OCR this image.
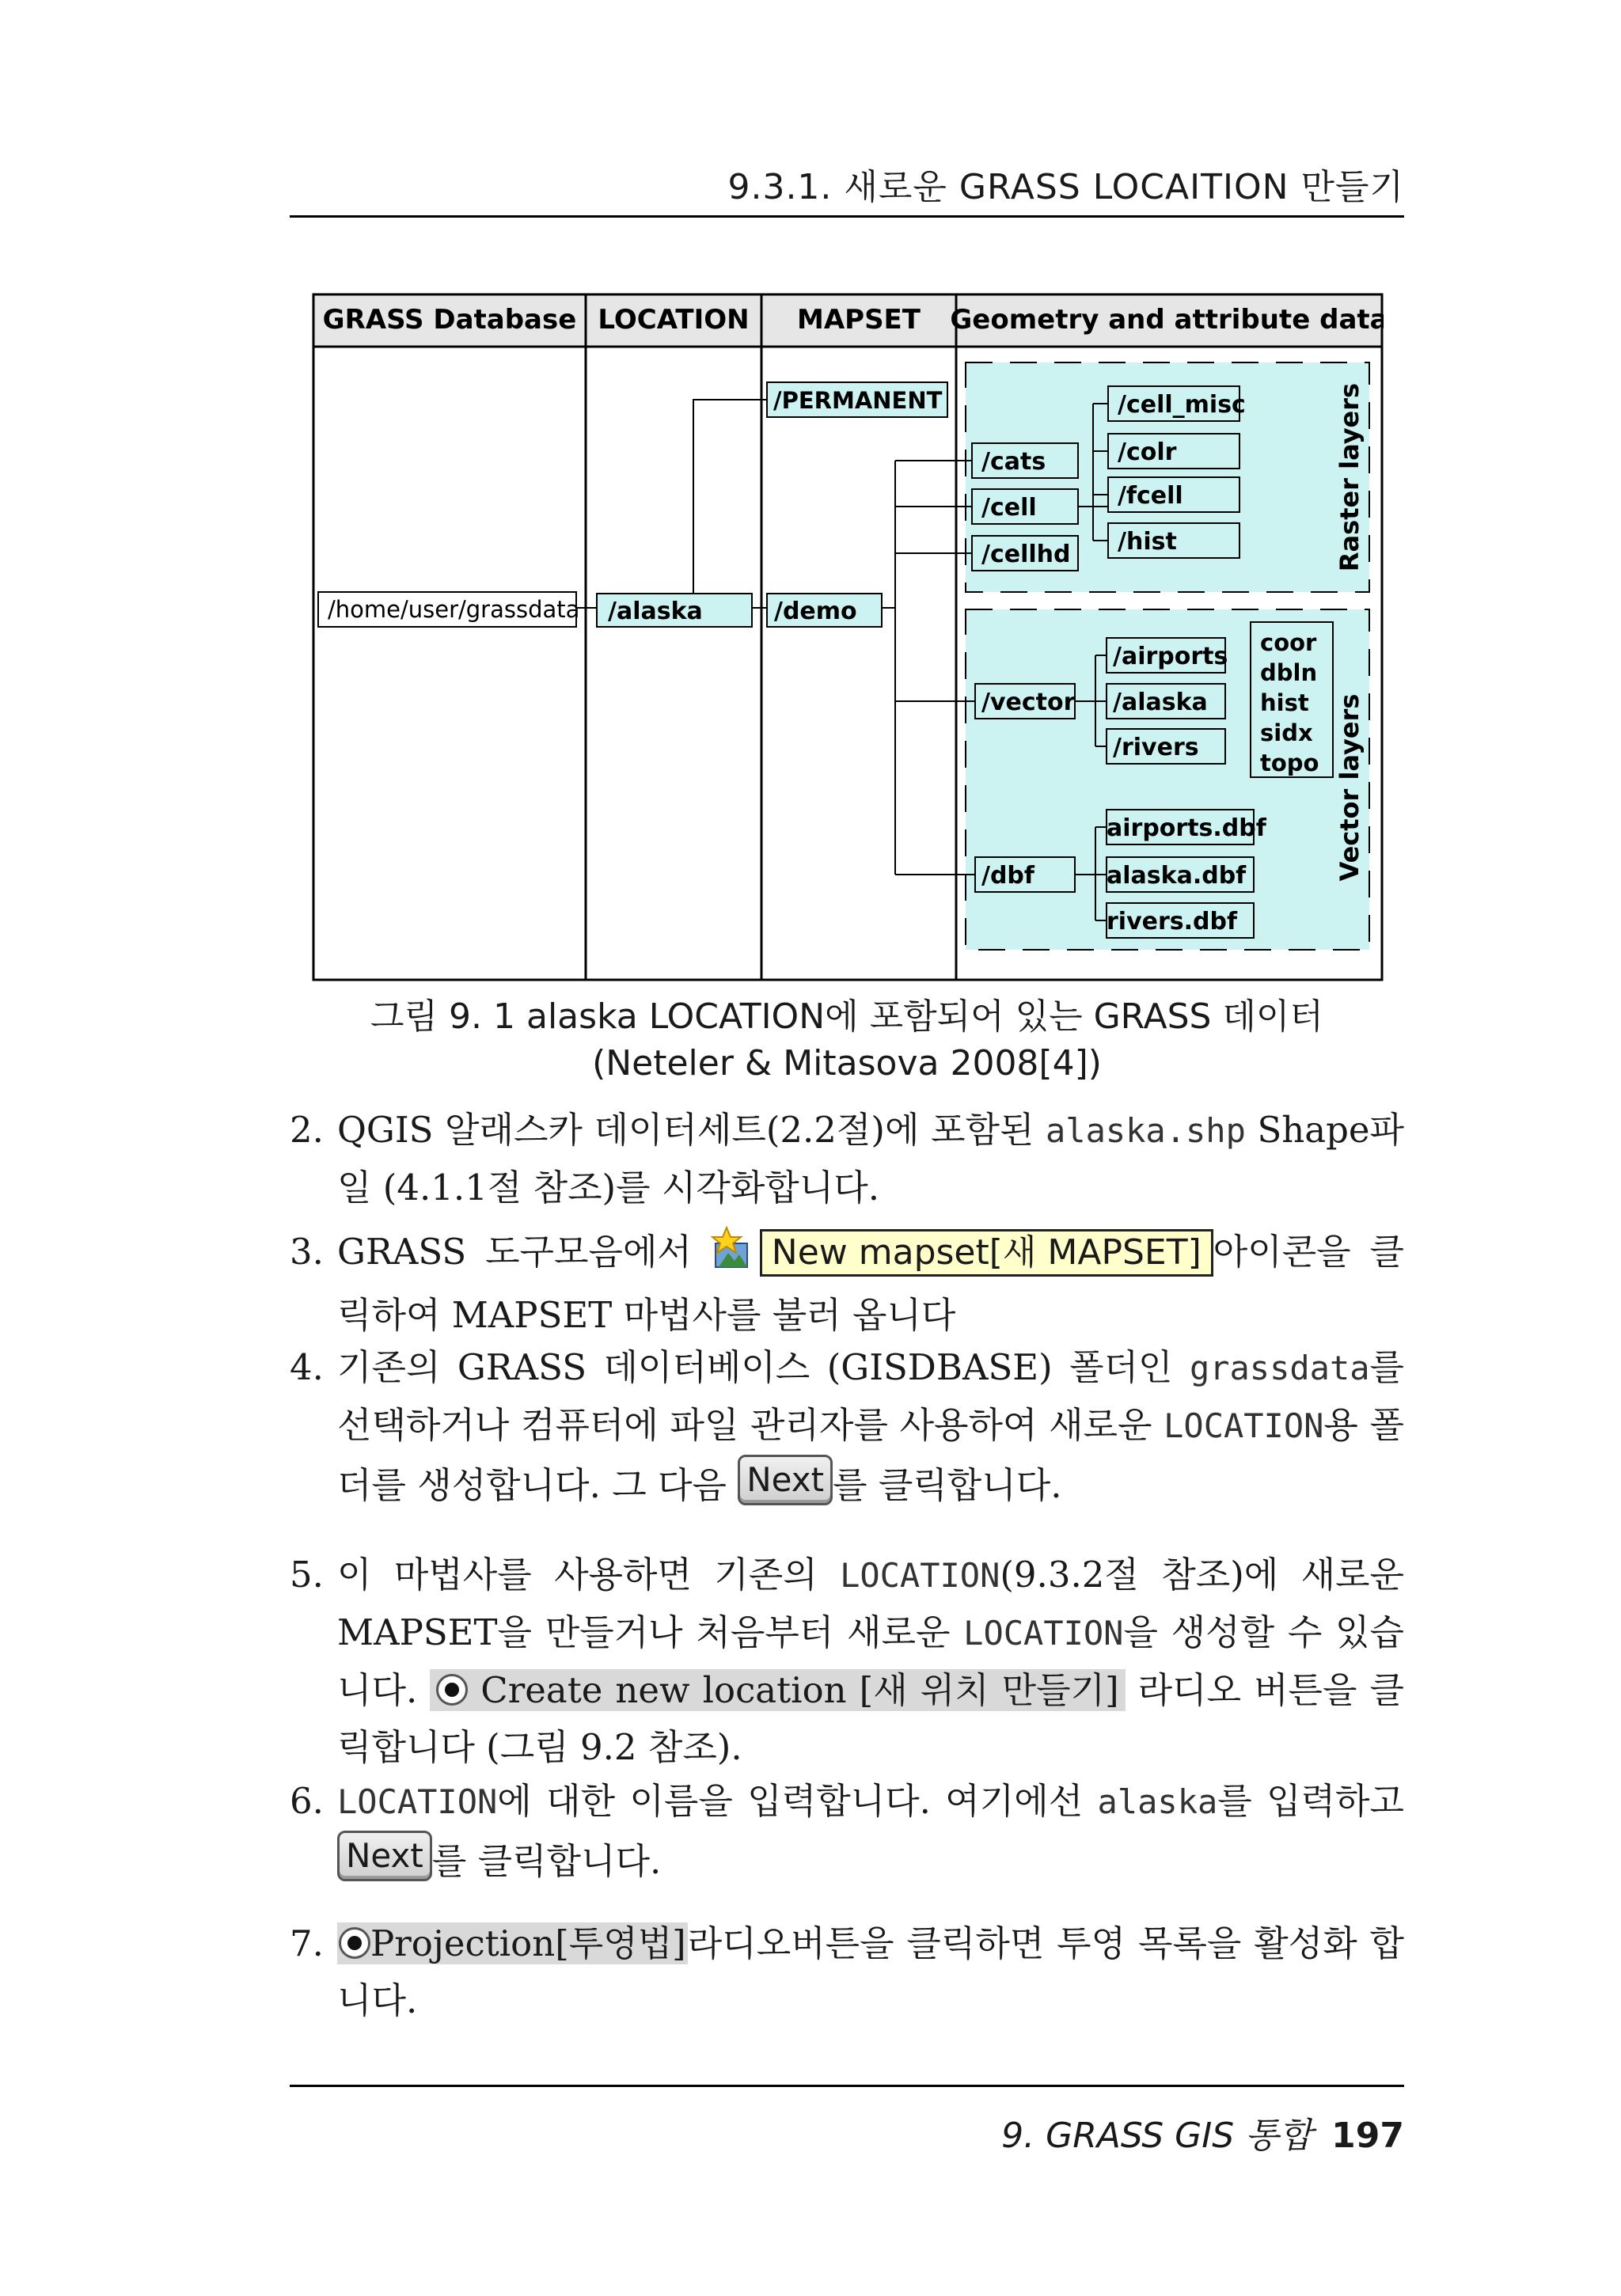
9.3.1. 새로운 GRASS LOCAITION 만들기
GRASS Database LOCATION MAPSET Geometry and attribute data
Raster layers
Vector layers
/home/user/grassdata /alaska
/PERMANENT
/demo
/cats
/cell
/cellhd
/cell_misc
/colr
/fcell
/hist
/vector
/airports
/alaska
/rivers
coor
dbln
hist
sidx
topo
/dbf
airports.dbf
alaska.dbf
rivers.dbf
그림 9. 1 alaska LOCATION에 포함되어 있는 GRASS 데이터
(Neteler & Mitasova 2008[4])
2. QGIS 알래스카 데이터세트(2.2절)에 포함된 alaska.shp Shape파일 (4.1.1절 참조)를 시각화합니다.
3. GRASS 도구모음에서 New mapset[새 MAPSET] 아이콘을 클릭하여 MAPSET 마법사를 불러 옵니다
4. 기존의 GRASS 데이터베이스 (GISDBASE) 폴더인 grassdata를 선택하거나 컴퓨터에 파일 관리자를 사용하여 새로운 LOCATION용 폴더를 생성합니다. 그 다음 Next 를 클릭합니다.
5. 이 마법사를 사용하면 기존의 LOCATION(9.3.2절 참조)에 새로운 MAPSET을 만들거나 처음부터 새로운 LOCATION을 생성할 수 있습니다.  Create new location [새 위치 만들기] 라디오 버튼을 클릭합니다 (그림 9.2 참조).
6. LOCATION에 대한 이름을 입력합니다. 여기에선 alaska를 입력하고 Next 를 클릭합니다.
7.	Projection[투영법]라디오버튼을 클릭하면 투영 목록을 활성화 합니다.
9. GRASS GIS 통합 197
